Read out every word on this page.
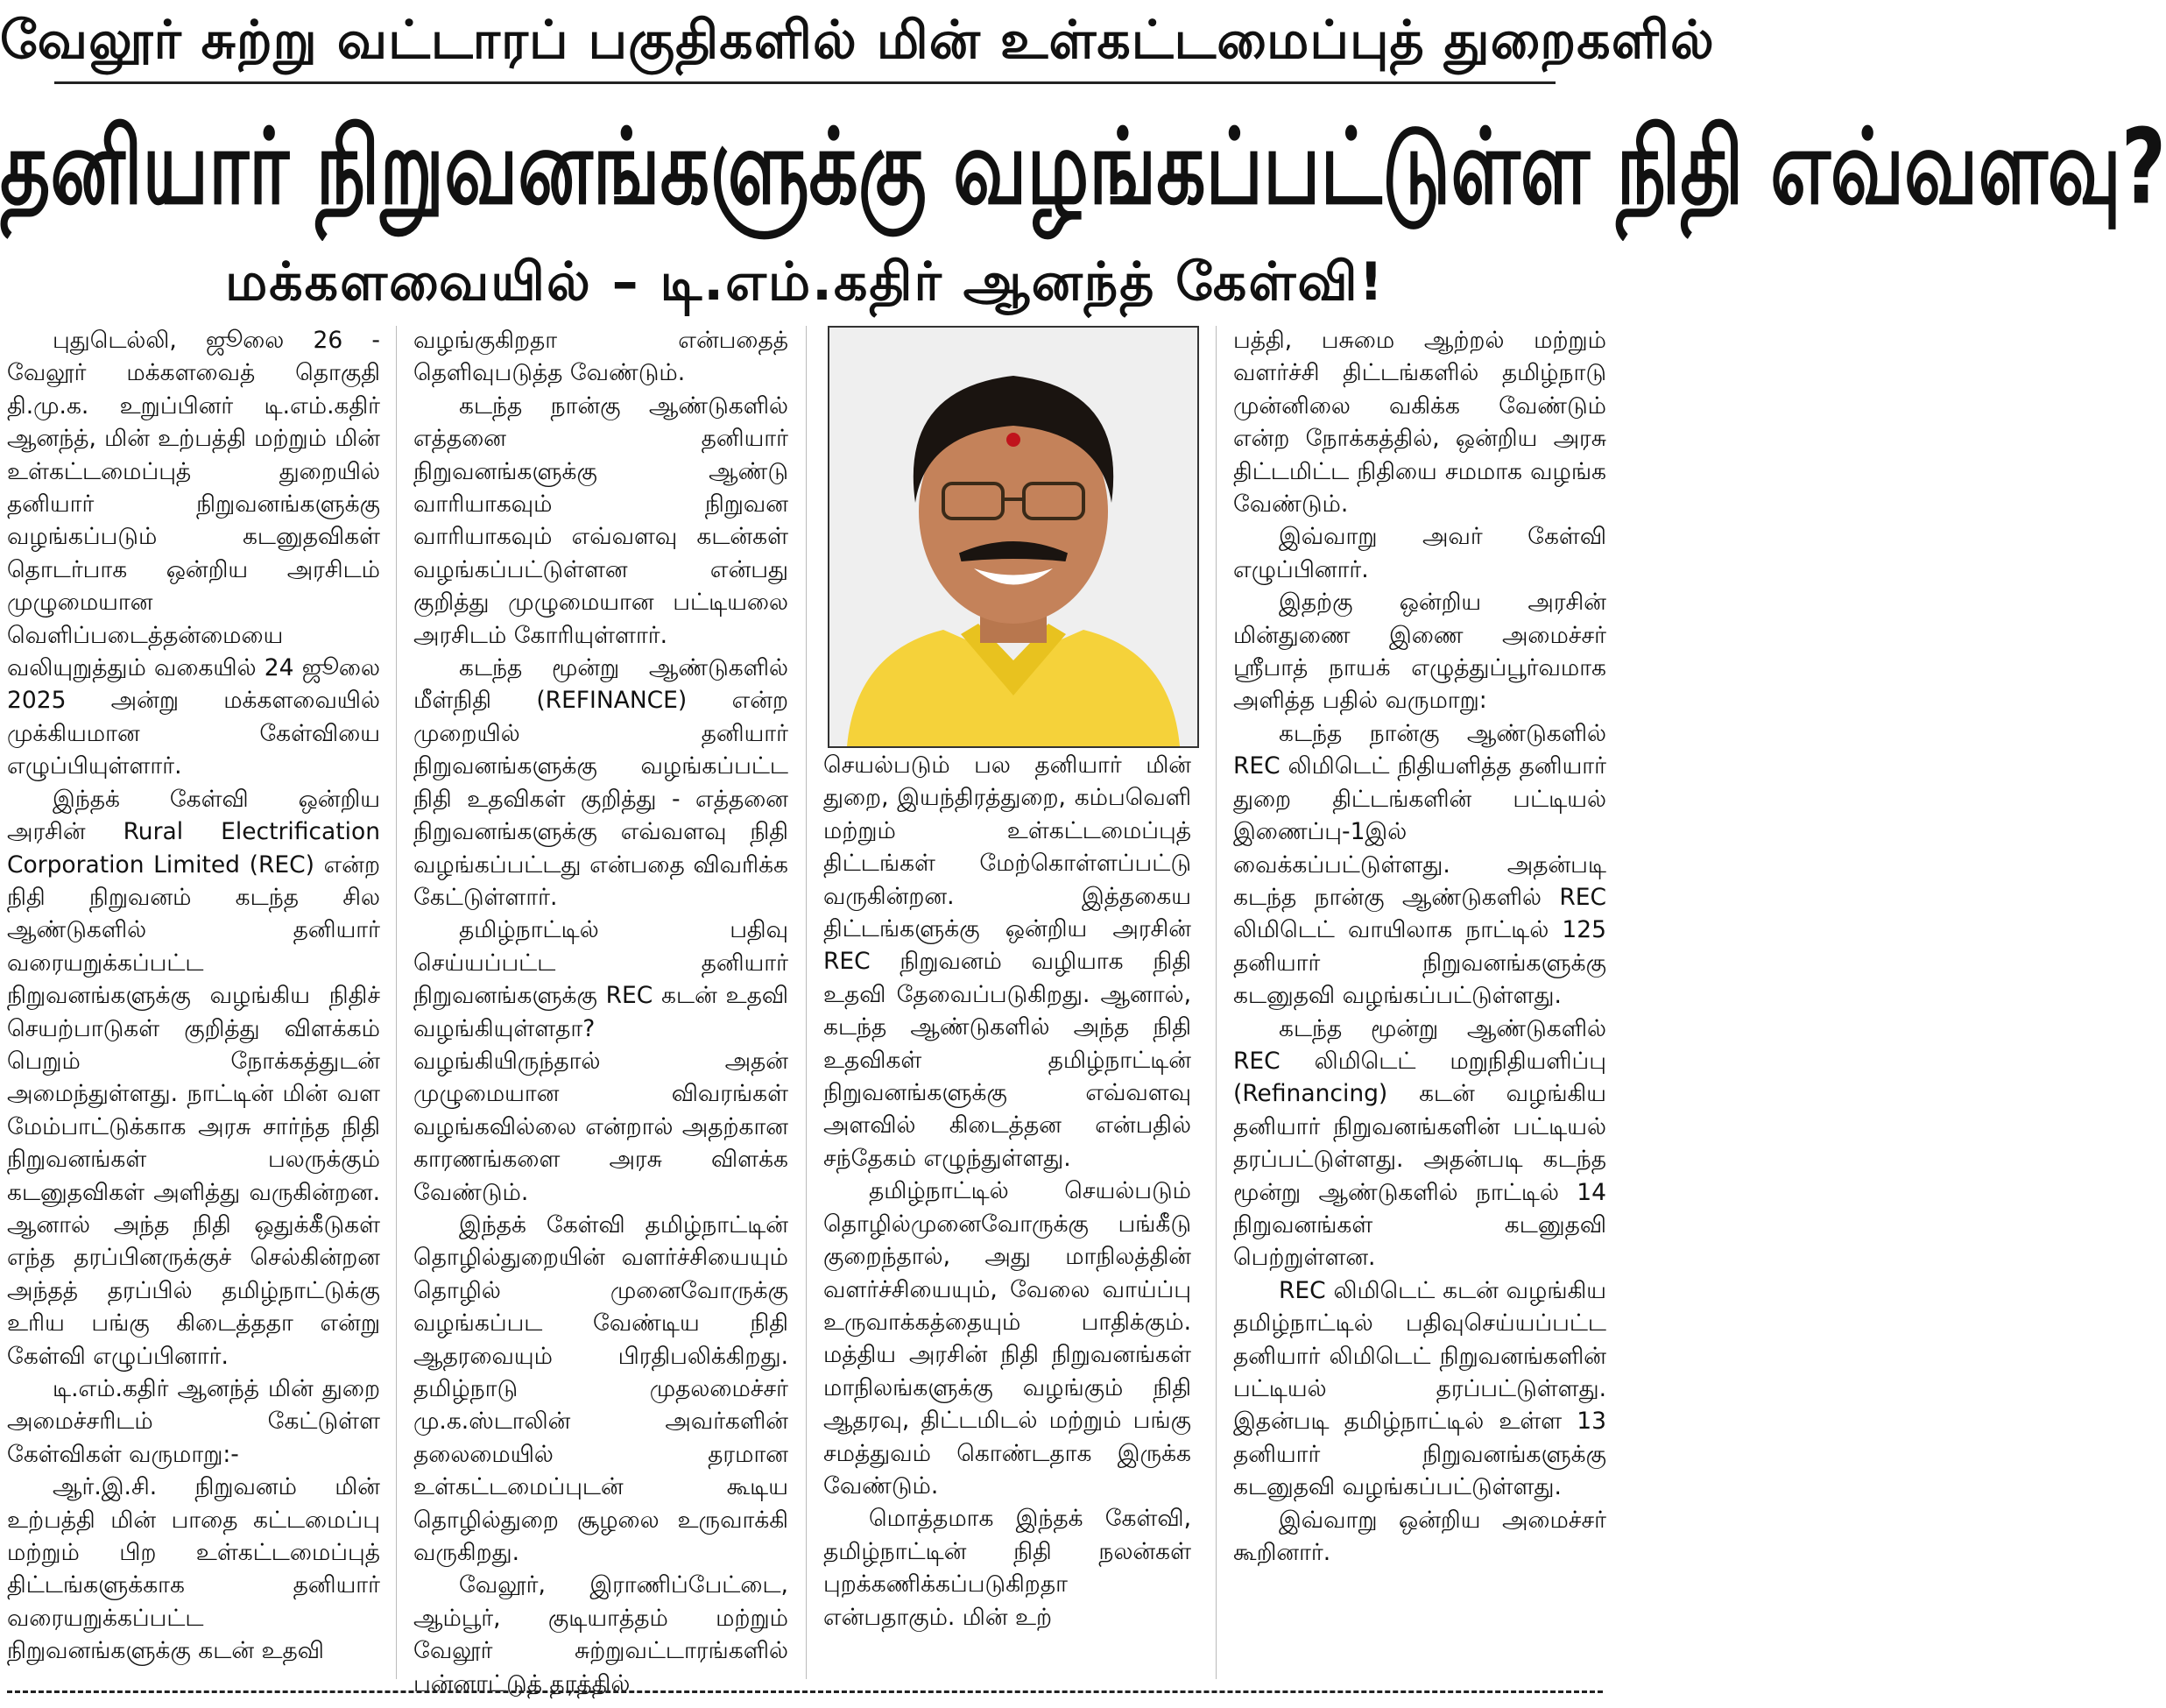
வேலூர் சுற்று வட்டாரப் பகுதிகளில் மின் உள்கட்டமைப்புத் துறைகளில்
தனியார் நிறுவனங்களுக்கு வழங்கப்பட்டுள்ள நிதி எவ்வளவு?
மக்களவையில் – டி.எம்.கதிர் ஆனந்த் கேள்வி!

புதுடெல்லி, ஜூலை 26 - வேலூர் மக்களவைத் தொகுதி தி.மு.க. உறுப்பினர் டி.எம்.கதிர் ஆனந்த், மின் உற்பத்தி மற்றும் மின் உள்கட்டமைப்புத் துறையில் தனியார் நிறுவனங்களுக்கு வழங்கப்படும் கடனுதவிகள் தொடர்பாக ஒன்றிய அரசிடம் முழுமையான வெளிப்படைத்தன்மையை வலியுறுத்தும் வகையில் 24 ஜூலை 2025 அன்று மக்களவையில் முக்கியமான கேள்வியை எழுப்பியுள்ளார்.

இந்தக் கேள்வி ஒன்றிய அரசின் Rural Electrification Corporation Limited (REC) என்ற நிதி நிறுவனம் கடந்த சில ஆண்டுகளில் தனியார் வரையறுக்கப்பட்ட நிறுவனங்களுக்கு வழங்கிய நிதிச் செயற்பாடுகள் குறித்து விளக்கம் பெறும் நோக்கத்துடன் அமைந்துள்ளது. நாட்டின் மின் வள மேம்பாட்டுக்காக அரசு சார்ந்த நிதி நிறுவனங்கள் பலருக்கும் கடனுதவிகள் அளித்து வருகின்றன. ஆனால் அந்த நிதி ஒதுக்கீடுகள் எந்த தரப்பினருக்குச் செல்கின்றன அந்தத் தரப்பில் தமிழ்நாட்டுக்கு உரிய பங்கு கிடைத்ததா என்று கேள்வி எழுப்பினார்.

டி.எம்.கதிர் ஆனந்த் மின் துறை அமைச்சரிடம் கேட்டுள்ள கேள்விகள் வருமாறு:-

ஆர்.இ.சி. நிறுவனம் மின் உற்பத்தி மின் பாதை கட்டமைப்பு மற்றும் பிற உள்கட்டமைப்புத் திட்டங்களுக்காக தனியார் வரையறுக்கப்பட்ட நிறுவனங்களுக்கு கடன் உதவி

வழங்குகிறதா என்பதைத் தெளிவுபடுத்த வேண்டும்.

கடந்த நான்கு ஆண்டுகளில் எத்தனை தனியார் நிறுவனங்களுக்கு ஆண்டு வாரியாகவும் நிறுவன வாரியாகவும் எவ்வளவு கடன்கள் வழங்கப்பட்டுள்ளன என்பது குறித்து முழுமையான பட்டியலை அரசிடம் கோரியுள்ளார்.

கடந்த மூன்று ஆண்டுகளில் மீள்நிதி (REFINANCE) என்ற முறையில் தனியார் நிறுவனங்களுக்கு வழங்கப்பட்ட நிதி உதவிகள் குறித்து - எத்தனை நிறுவனங்களுக்கு எவ்வளவு நிதி வழங்கப்பட்டது என்பதை விவரிக்க கேட்டுள்ளார்.

தமிழ்நாட்டில் பதிவு செய்யப்பட்ட தனியார் நிறுவனங்களுக்கு REC கடன் உதவி வழங்கியுள்ளதா? வழங்கியிருந்தால் அதன் முழுமையான விவரங்கள் வழங்கவில்லை என்றால் அதற்கான காரணங்களை அரசு விளக்க வேண்டும்.

இந்தக் கேள்வி தமிழ்நாட்டின் தொழில்துறையின் வளர்ச்சியையும் தொழில் முனைவோருக்கு வழங்கப்பட வேண்டிய நிதி ஆதரவையும் பிரதிபலிக்கிறது. தமிழ்நாடு முதலமைச்சர் மு.க.ஸ்டாலின் அவர்களின் தலைமையில் தரமான உள்கட்டமைப்புடன் கூடிய தொழில்துறை சூழலை உருவாக்கி வருகிறது.

வேலூர், இராணிப்பேட்டை, ஆம்பூர், குடியாத்தம் மற்றும் வேலூர் சுற்றுவட்டாரங்களில் பன்னாட்டுத் தரத்தில்

செயல்படும் பல தனியார் மின் துறை, இயந்திரத்துறை, கம்பவெளி மற்றும் உள்கட்டமைப்புத் திட்டங்கள் மேற்கொள்ளப்பட்டு வருகின்றன. இத்தகைய திட்டங்களுக்கு ஒன்றிய அரசின் REC நிறுவனம் வழியாக நிதி உதவி தேவைப்படுகிறது. ஆனால், கடந்த ஆண்டுகளில் அந்த நிதி உதவிகள் தமிழ்நாட்டின் நிறுவனங்களுக்கு எவ்வளவு அளவில் கிடைத்தன என்பதில் சந்தேகம் எழுந்துள்ளது.

தமிழ்நாட்டில் செயல்படும் தொழில்முனைவோருக்கு பங்கீடு குறைந்தால், அது மாநிலத்தின் வளர்ச்சியையும், வேலை வாய்ப்பு உருவாக்கத்தையும் பாதிக்கும். மத்திய அரசின் நிதி நிறுவனங்கள் மாநிலங்களுக்கு வழங்கும் நிதி ஆதரவு, திட்டமிடல் மற்றும் பங்கு சமத்துவம் கொண்டதாக இருக்க வேண்டும்.

மொத்தமாக இந்தக் கேள்வி, தமிழ்நாட்டின் நிதி நலன்கள் புறக்கணிக்கப்படுகிறதா என்பதாகும். மின் உற்

பத்தி, பசுமை ஆற்றல் மற்றும் வளர்ச்சி திட்டங்களில் தமிழ்நாடு முன்னிலை வகிக்க வேண்டும் என்ற நோக்கத்தில், ஒன்றிய அரசு திட்டமிட்ட நிதியை சமமாக வழங்க வேண்டும்.

இவ்வாறு அவர் கேள்வி எழுப்பினார்.

இதற்கு ஒன்றிய அரசின் மின்துணை இணை அமைச்சர் ஸ்ரீபாத் நாயக் எழுத்துப்பூர்வமாக அளித்த பதில் வருமாறு:

கடந்த நான்கு ஆண்டுகளில் REC லிமிடெட் நிதியளித்த தனியார் துறை திட்டங்களின் பட்டியல் இணைப்பு-1இல் வைக்கப்பட்டுள்ளது. அதன்படி கடந்த நான்கு ஆண்டுகளில் REC லிமிடெட் வாயிலாக நாட்டில் 125 தனியார் நிறுவனங்களுக்கு கடனுதவி வழங்கப்பட்டுள்ளது.

கடந்த மூன்று ஆண்டுகளில் REC லிமிடெட் மறுநிதியளிப்பு (Refinancing) கடன் வழங்கிய தனியார் நிறுவனங்களின் பட்டியல் தரப்பட்டுள்ளது. அதன்படி கடந்த மூன்று ஆண்டுகளில் நாட்டில் 14 நிறுவனங்கள் கடனுதவி பெற்றுள்ளன.

REC லிமிடெட் கடன் வழங்கிய தமிழ்நாட்டில் பதிவுசெய்யப்பட்ட தனியார் லிமிடெட் நிறுவனங்களின் பட்டியல் தரப்பட்டுள்ளது. இதன்படி தமிழ்நாட்டில் உள்ள 13 தனியார் நிறுவனங்களுக்கு கடனுதவி வழங்கப்பட்டுள்ளது.

இவ்வாறு ஒன்றிய அமைச்சர் கூறினார்.
